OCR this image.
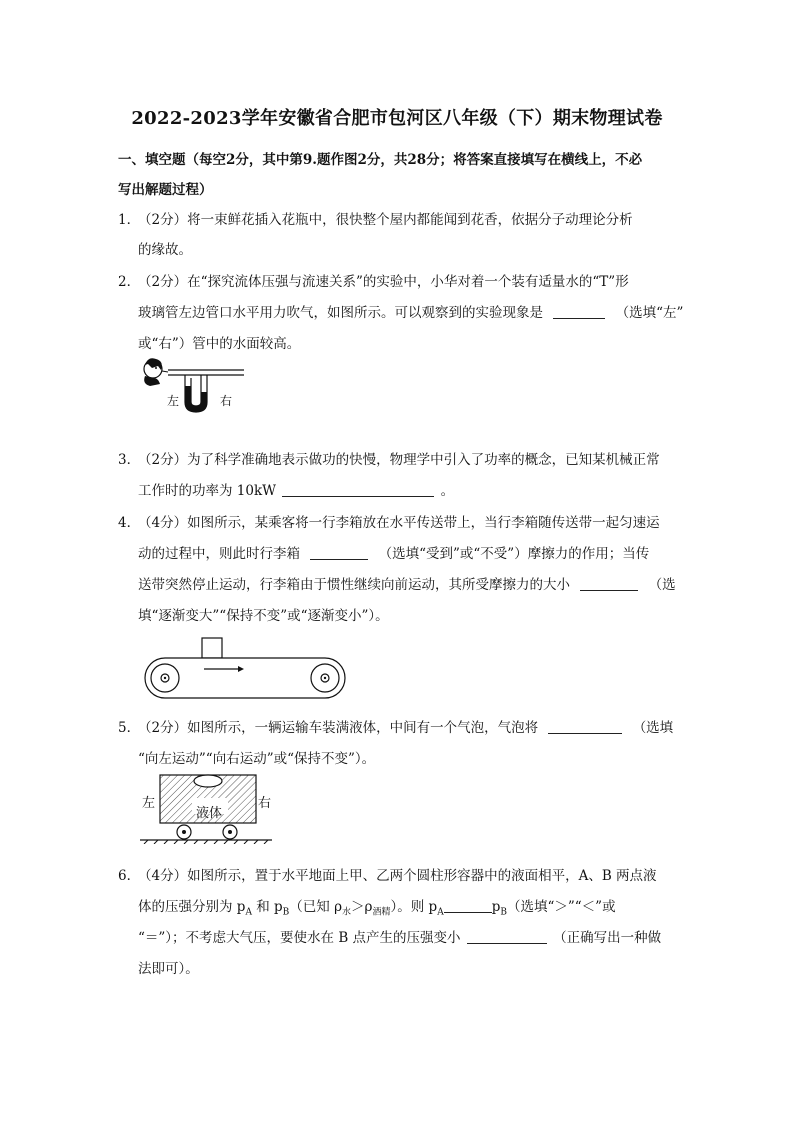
2022-2023学年安徽省合肥市包河区八年级（下）期末物理试卷
一、填空题（每空2分，其中第9.题作图2分，共28分；将答案直接填写在横线上，不必
写出解题过程）
1．
（2分）将一束鲜花插入花瓶中，很快整个屋内都能闻到花香，依据分子动理论分析
的缘故。
2．
（2分）在“探究流体压强与流速关系”的实验中，小华对着一个装有适量水的“T”形
玻璃管左边管口水平用力吹气，如图所示。可以观察到的实验现象是	（选填“左”
或“右”）管中的水面较高。
左	右
3．
（2分）为了科学准确地表示做功的快慢，物理学中引入了功率的概念，已知某机械正常
工作时的功率为 10kW	。
4．
（4分）如图所示，某乘客将一行李箱放在水平传送带上，当行李箱随传送带一起匀速运
动的过程中，则此时行李箱	（选填“受到”或“不受”）摩擦力的作用；当传
送带突然停止运动，行李箱由于惯性继续向前运动，其所受摩擦力的大小	（选
填“逐渐变大”“保持不变”或“逐渐变小”）。
5．
（2分）如图所示，一辆运输车装满液体，中间有一个气泡，气泡将	（选填
“向左运动”“向右运动”或“保持不变”）。
左	右
液体
6．
（4分）如图所示，置于水平地面上甲、乙两个圆柱形容器中的液面相平，A、B 两点液
体的压强分别为 $p_A$ 和 $p_B$（已知 $\rho_水>\rho_{酒精}$）。则 $p_A$	$p_B$（选填“＞”“＜”或
“＝”）；不考虑大气压，要使水在 B 点产生的压强变小	（正确写出一种做
法即可）。
